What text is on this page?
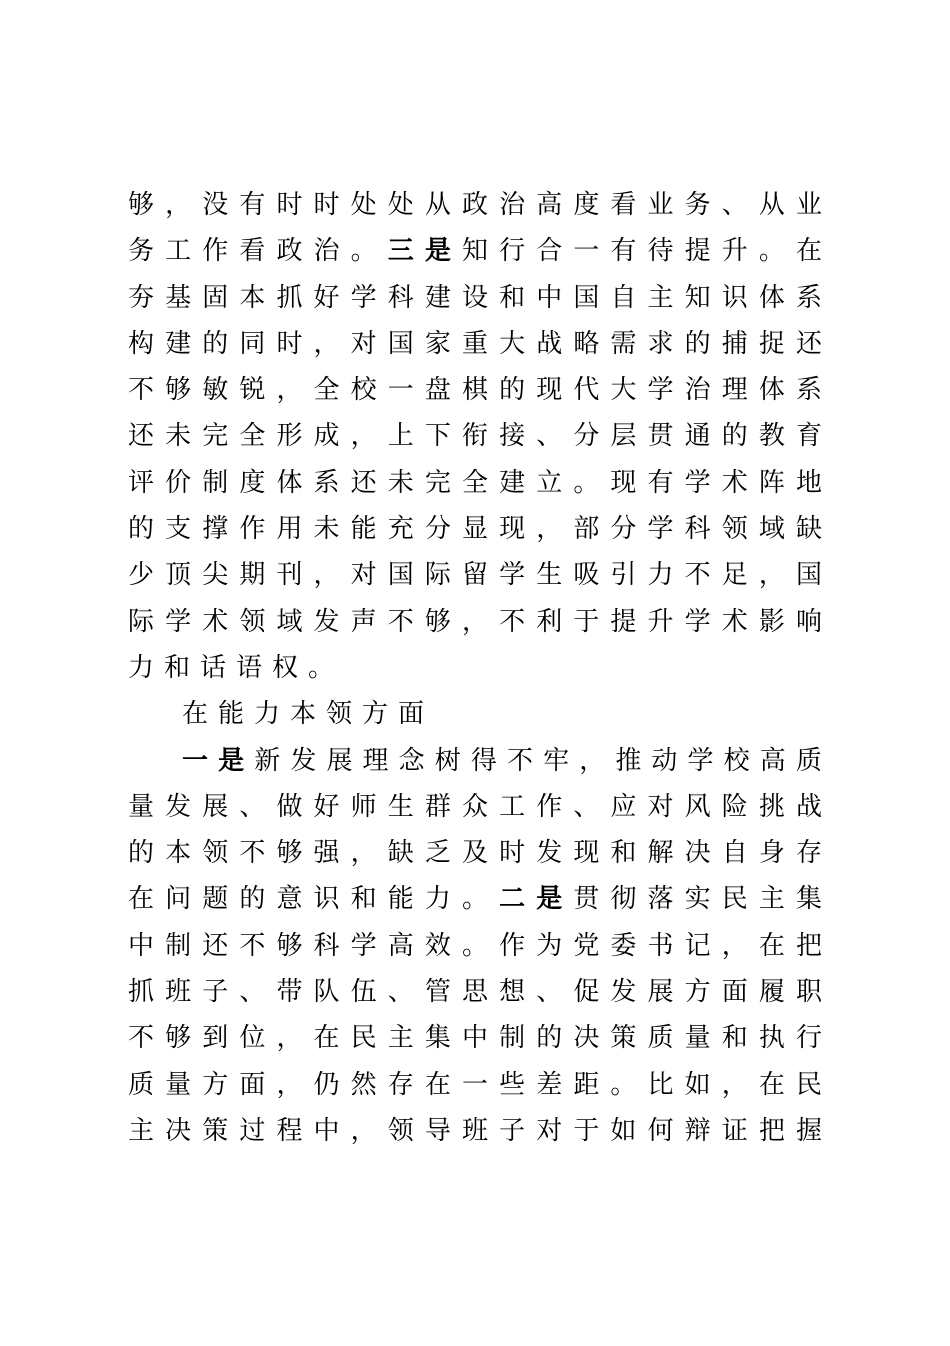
够 ， 没 有 时 时 处 处 从 政 治 高 度 看 业 务 、 从 业
务 工 作 看 政 治 。 三 是 知 行 合 一 有 待 提 升 。 在
夯 基 固 本 抓 好 学 科 建 设 和 中 国 自 主 知 识 体 系
构 建 的 同 时 ， 对 国 家 重 大 战 略 需 求 的 捕 捉 还
不 够 敏 锐 ， 全 校 一 盘 棋 的 现 代 大 学 治 理 体 系
还 未 完 全 形 成 ， 上 下 衔 接 、 分 层 贯 通 的 教 育
评 价 制 度 体 系 还 未 完 全 建 立 。 现 有 学 术 阵 地
的 支 撑 作 用 未 能 充 分 显 现 ， 部 分 学 科 领 域 缺
少 顶 尖 期 刊 ， 对 国 际 留 学 生 吸 引 力 不 足 ， 国
际 学 术 领 域 发 声 不 够 ， 不 利 于 提 升 学 术 影 响
力和话语权。
在能力本领方面
一 是 新 发 展 理 念 树 得 不 牢 ， 推 动 学 校 高 质
量 发 展 、 做 好 师 生 群 众 工 作 、 应 对 风 险 挑 战
的 本 领 不 够 强 ， 缺 乏 及 时 发 现 和 解 决 自 身 存
在 问 题 的 意 识 和 能 力 。 二 是 贯 彻 落 实 民 主 集
中 制 还 不 够 科 学 高 效 。 作 为 党 委 书 记 ， 在 把
抓 班 子 、 带 队 伍 、 管 思 想 、 促 发 展 方 面 履 职
不 够 到 位 ， 在 民 主 集 中 制 的 决 策 质 量 和 执 行
质 量 方 面 ， 仍 然 存 在 一 些 差 距 。 比 如 ， 在 民
主 决 策 过 程 中 ， 领 导 班 子 对 于 如 何 辩 证 把 握
